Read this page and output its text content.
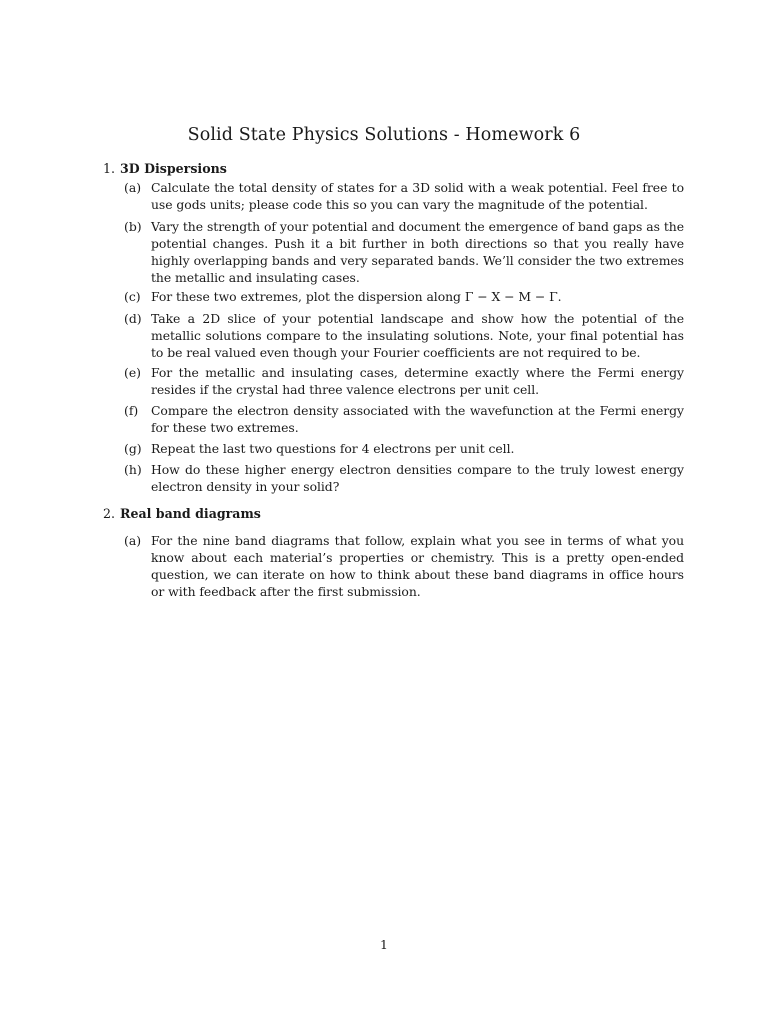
Solid State Physics Solutions - Homework 6
1. 3D Dispersions
(a) Calculate the total density of states for a 3D solid with a weak potential. Feel free to use gods units; please code this so you can vary the magnitude of the potential.
(b) Vary the strength of your potential and document the emergence of band gaps as the potential changes. Push it a bit further in both directions so that you really have highly overlapping bands and very separated bands. We’ll consider the two extremes the metallic and insulating cases.
(c) For these two extremes, plot the dispersion along Γ − X − M − Γ.
(d) Take a 2D slice of your potential landscape and show how the potential of the metallic solutions compare to the insulating solutions. Note, your final potential has to be real valued even though your Fourier coefficients are not required to be.
(e) For the metallic and insulating cases, determine exactly where the Fermi energy resides if the crystal had three valence electrons per unit cell.
(f)	Compare the electron density associated with the wavefunction at the Fermi energy for these two extremes.
(g) Repeat the last two questions for 4 electrons per unit cell.
(h) How do these higher energy electron densities compare to the truly lowest energy electron density in your solid?
2. Real band diagrams
(a) For the nine band diagrams that follow, explain what you see in terms of what you know about each material’s properties or chemistry. This is a pretty open-ended question, we can iterate on how to think about these band diagrams in office hours or with feedback after the first submission.
1
